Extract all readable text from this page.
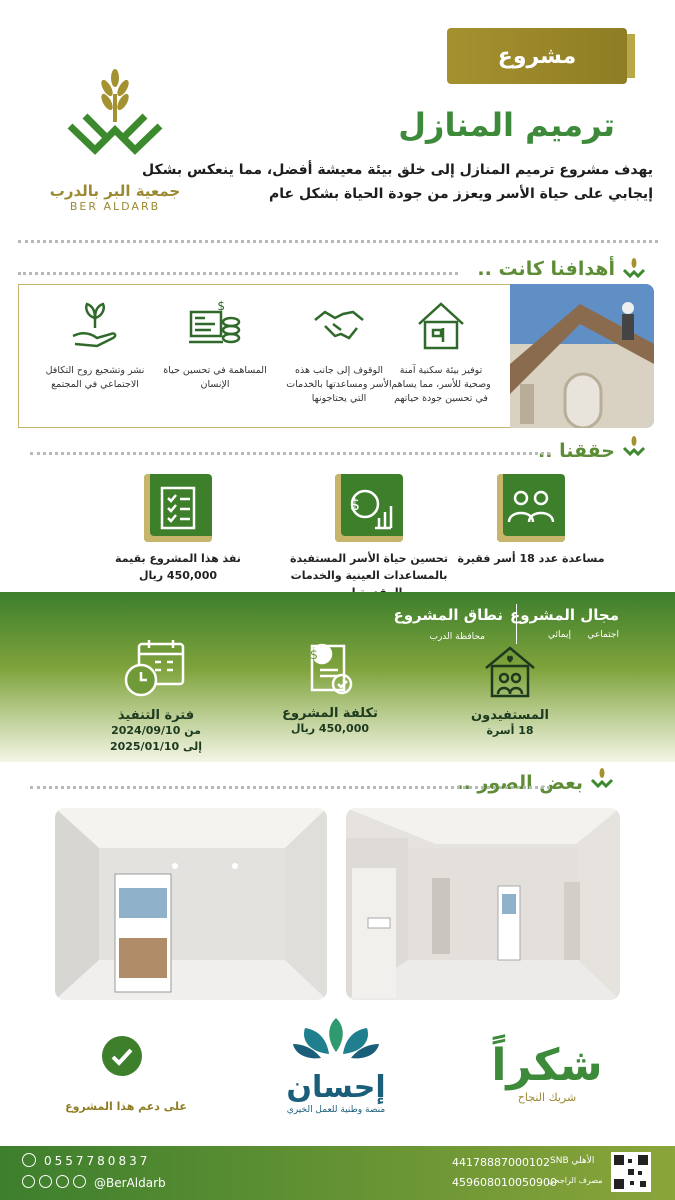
مشروع
ترميم المنازل
يهدف مشروع ترميم المنازل إلى خلق بيئة معيشة أفضل، مما ينعكس بشكل إيجابي على حياة الأسر ويعزز من جودة الحياة بشكل عام
جمعية البر بالدرب
BER ALDARB
أهدافنا كانت ..
توفير بيئة سكنية آمنة وصحية للأسر، مما يساهم في تحسين جودة حياتهم
الوقوف إلى جانب هذه الأسر ومساعدتها بالخدمات التي يحتاجونها
$
المساهمة في تحسين حياة الإنسان
نشر وتشجيع روح التكافل الاجتماعي في المجتمع
حققنا ..
مساعدة عدد 18 أسر فقيرة
$
تحسين حياة الأسر المستفيدة بالمساعدات العينية والخدمات
نفذ هذا المشروع بقيمة
450,000 ريال
مجال المشروع
اجتماعي
إيمائي
نطاق المشروع
محافظة الدرب
المستفيدون
18 أسرة
$
تكلفة المشروع
450,000 ريال
فترة التنفيذ
من 2024/09/10
إلى 2025/01/10
بعض الصور ..
شكراً
شريك النجاح
إحسان
منصة وطنية للعمل الخيري
على دعم هذا المشروع
0557780837
@BerAldarb
44178887000102
459608010050900
الأهلي SNB
مصرف الراجحي
